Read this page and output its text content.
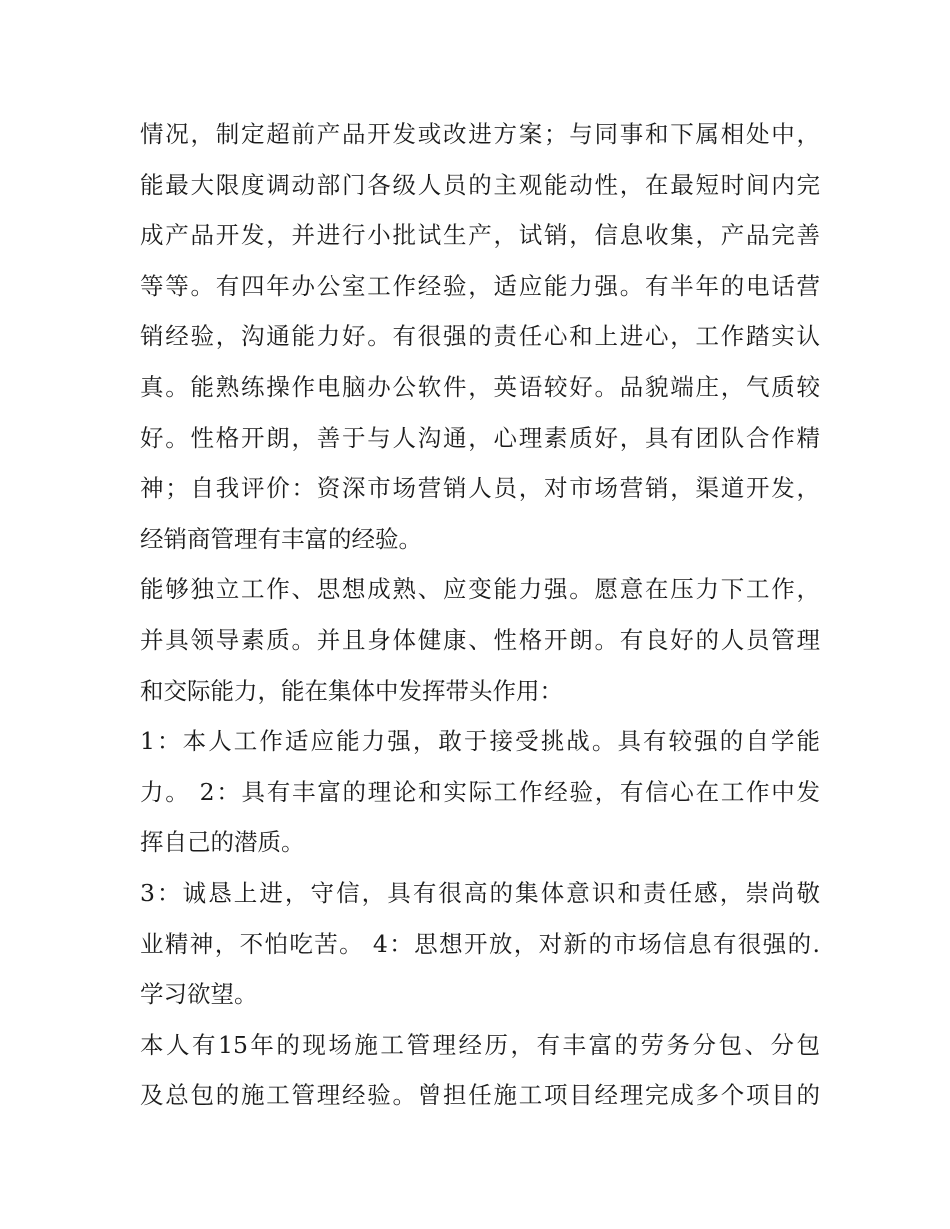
情况，制定超前产品开发或改进方案；与同事和下属相处中，
能最大限度调动部门各级人员的主观能动性，在最短时间内完
成产品开发，并进行小批试生产，试销，信息收集，产品完善
等等。有四年办公室工作经验，适应能力强。有半年的电话营
销经验，沟通能力好。有很强的责任心和上进心，工作踏实认
真。能熟练操作电脑办公软件，英语较好。品貌端庄，气质较
好。性格开朗，善于与人沟通，心理素质好，具有团队合作精
神；自我评价：资深市场营销人员，对市场营销，渠道开发，
经销商管理有丰富的经验。
能够独立工作、思想成熟、应变能力强。愿意在压力下工作，
并具领导素质。并且身体健康、性格开朗。有良好的人员管理
和交际能力，能在集体中发挥带头作用：
1：本人工作适应能力强，敢于接受挑战。具有较强的自学能
力。 2：具有丰富的理论和实际工作经验，有信心在工作中发
挥自己的潜质。
3：诚恳上进，守信，具有很高的集体意识和责任感，崇尚敬
业精神，不怕吃苦。 4：思想开放，对新的市场信息有很强的.
学习欲望。
本人有15年的现场施工管理经历，有丰富的劳务分包、分包
及总包的施工管理经验。曾担任施工项目经理完成多个项目的
